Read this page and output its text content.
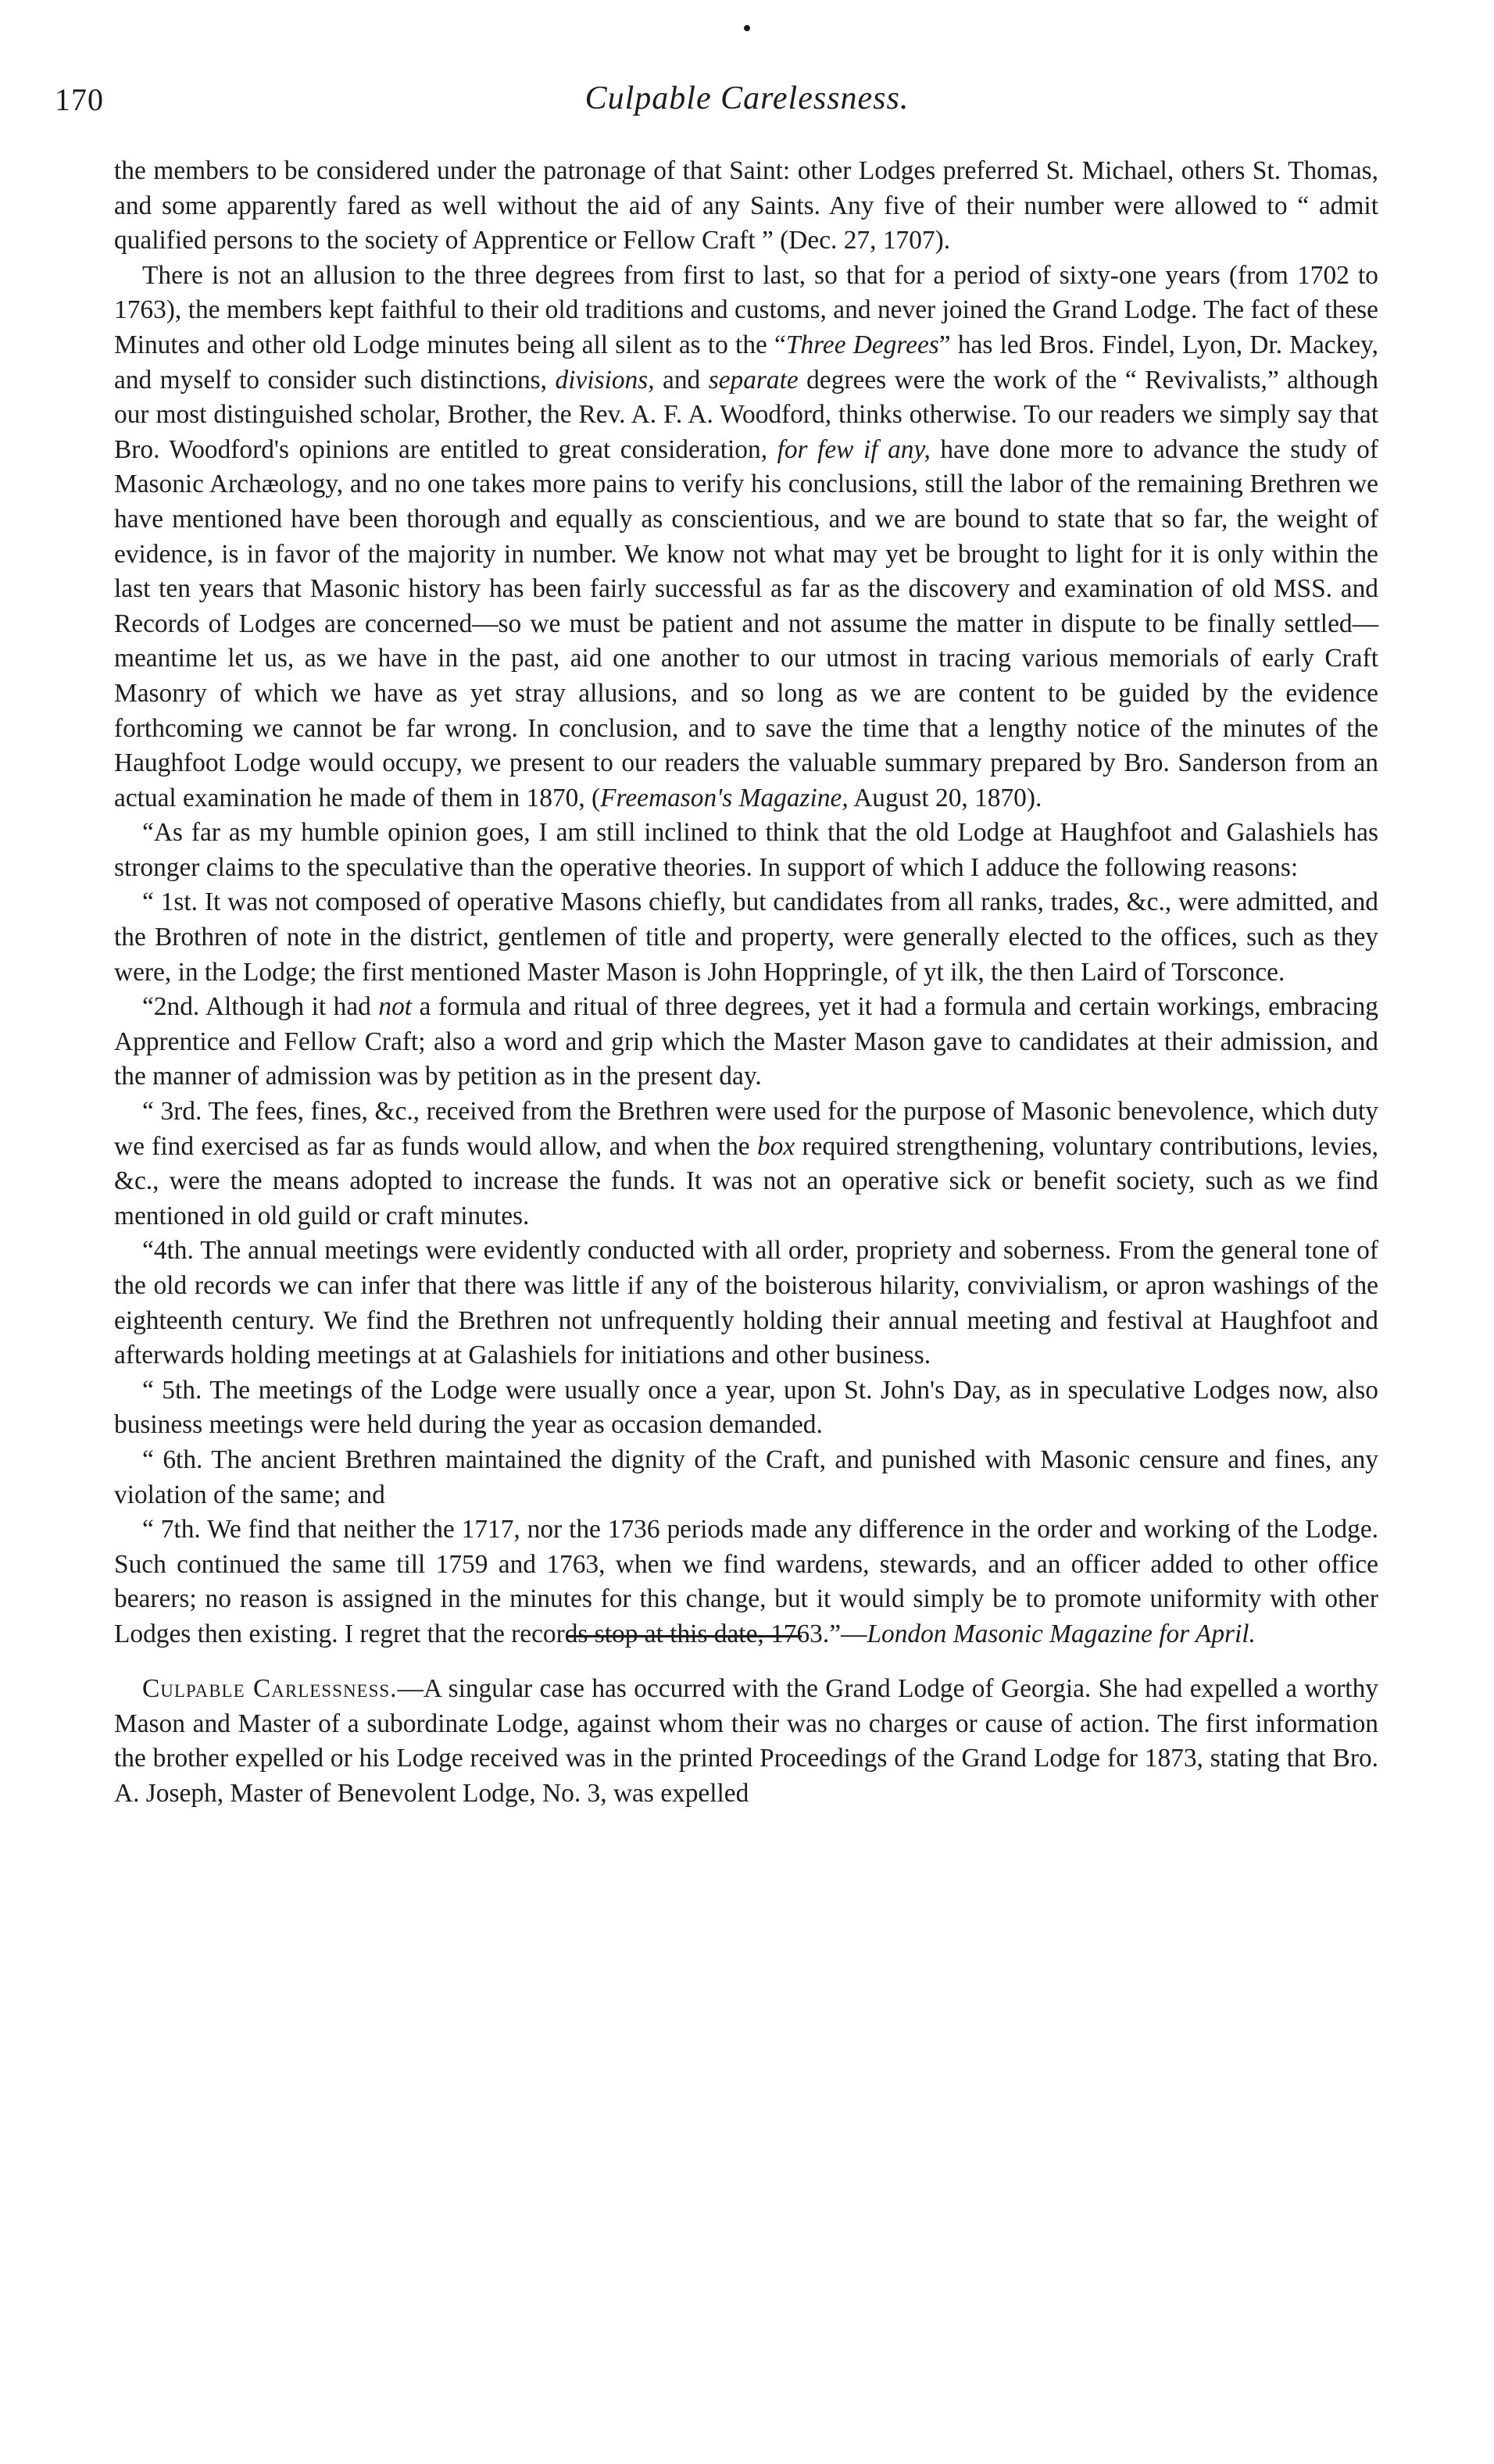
170	Culpable Carelessness.

the members to be considered under the patronage of that Saint: other Lodges preferred St. Michael, others St. Thomas, and some apparently fared as well without the aid of any Saints. Any five of their number were allowed to “ admit qualified persons to the society of Apprentice or Fellow Craft ” (Dec. 27, 1707).

There is not an allusion to the three degrees from first to last, so that for a period of sixty-one years (from 1702 to 1763), the members kept faithful to their old traditions and customs, and never joined the Grand Lodge. The fact of these Minutes and other old Lodge minutes being all silent as to the “Three Degrees” has led Bros. Findel, Lyon, Dr. Mackey, and myself to consider such distinctions, divisions, and separate degrees were the work of the “ Revivalists,” although our most distinguished scholar, Brother, the Rev. A. F. A. Woodford, thinks otherwise. To our readers we simply say that Bro. Woodford's opinions are entitled to great consideration, for few if any, have done more to advance the study of Masonic Archæology, and no one takes more pains to verify his conclusions, still the labor of the remaining Brethren we have mentioned have been thorough and equally as conscientious, and we are bound to state that so far, the weight of evidence, is in favor of the majority in number. We know not what may yet be brought to light for it is only within the last ten years that Masonic history has been fairly successful as far as the discovery and examination of old MSS. and Records of Lodges are concerned—so we must be patient and not assume the matter in dispute to be finally settled—meantime let us, as we have in the past, aid one another to our utmost in tracing various memorials of early Craft Masonry of which we have as yet stray allusions, and so long as we are content to be guided by the evidence forthcoming we cannot be far wrong. In conclusion, and to save the time that a lengthy notice of the minutes of the Haughfoot Lodge would occupy, we present to our readers the valuable summary prepared by Bro. Sanderson from an actual examination he made of them in 1870, (Freemason's Magazine, August 20, 1870).

“As far as my humble opinion goes, I am still inclined to think that the old Lodge at Haughfoot and Galashiels has stronger claims to the speculative than the operative theories. In support of which I adduce the following reasons:

“ 1st. It was not composed of operative Masons chiefly, but candidates from all ranks, trades, &c., were admitted, and the Brothren of note in the district, gentlemen of title and property, were generally elected to the offices, such as they were, in the Lodge; the first mentioned Master Mason is John Hoppringle, of yt ilk, the then Laird of Torsconce.

“2nd. Although it had not a formula and ritual of three degrees, yet it had a formula and certain workings, embracing Apprentice and Fellow Craft; also a word and grip which the Master Mason gave to candidates at their admission, and the manner of admission was by petition as in the present day.

“ 3rd. The fees, fines, &c., received from the Brethren were used for the purpose of Masonic benevolence, which duty we find exercised as far as funds would allow, and when the box required strengthening, voluntary contributions, levies, &c., were the means adopted to increase the funds. It was not an operative sick or benefit society, such as we find mentioned in old guild or craft minutes.

“4th. The annual meetings were evidently conducted with all order, propriety and soberness. From the general tone of the old records we can infer that there was little if any of the boisterous hilarity, convivialism, or apron washings of the eighteenth century. We find the Brethren not unfrequently holding their annual meeting and festival at Haughfoot and afterwards holding meetings at at Galashiels for initiations and other business.

“ 5th. The meetings of the Lodge were usually once a year, upon St. John's Day, as in speculative Lodges now, also business meetings were held during the year as occasion demanded.

“ 6th. The ancient Brethren maintained the dignity of the Craft, and punished with Masonic censure and fines, any violation of the same; and

“ 7th. We find that neither the 1717, nor the 1736 periods made any difference in the order and working of the Lodge. Such continued the same till 1759 and 1763, when we find wardens, stewards, and an officer added to other office bearers; no reason is assigned in the minutes for this change, but it would simply be to promote uniformity with other Lodges then existing. I regret that the records stop at this date, 1763.”—London Masonic Magazine for April.

Culpable Carlessness.—A singular case has occurred with the Grand Lodge of Georgia. She had expelled a worthy Mason and Master of a subordinate Lodge, against whom their was no charges or cause of action. The first information the brother expelled or his Lodge received was in the printed Proceedings of the Grand Lodge for 1873, stating that Bro. A. Joseph, Master of Benevolent Lodge, No. 3, was expelled
